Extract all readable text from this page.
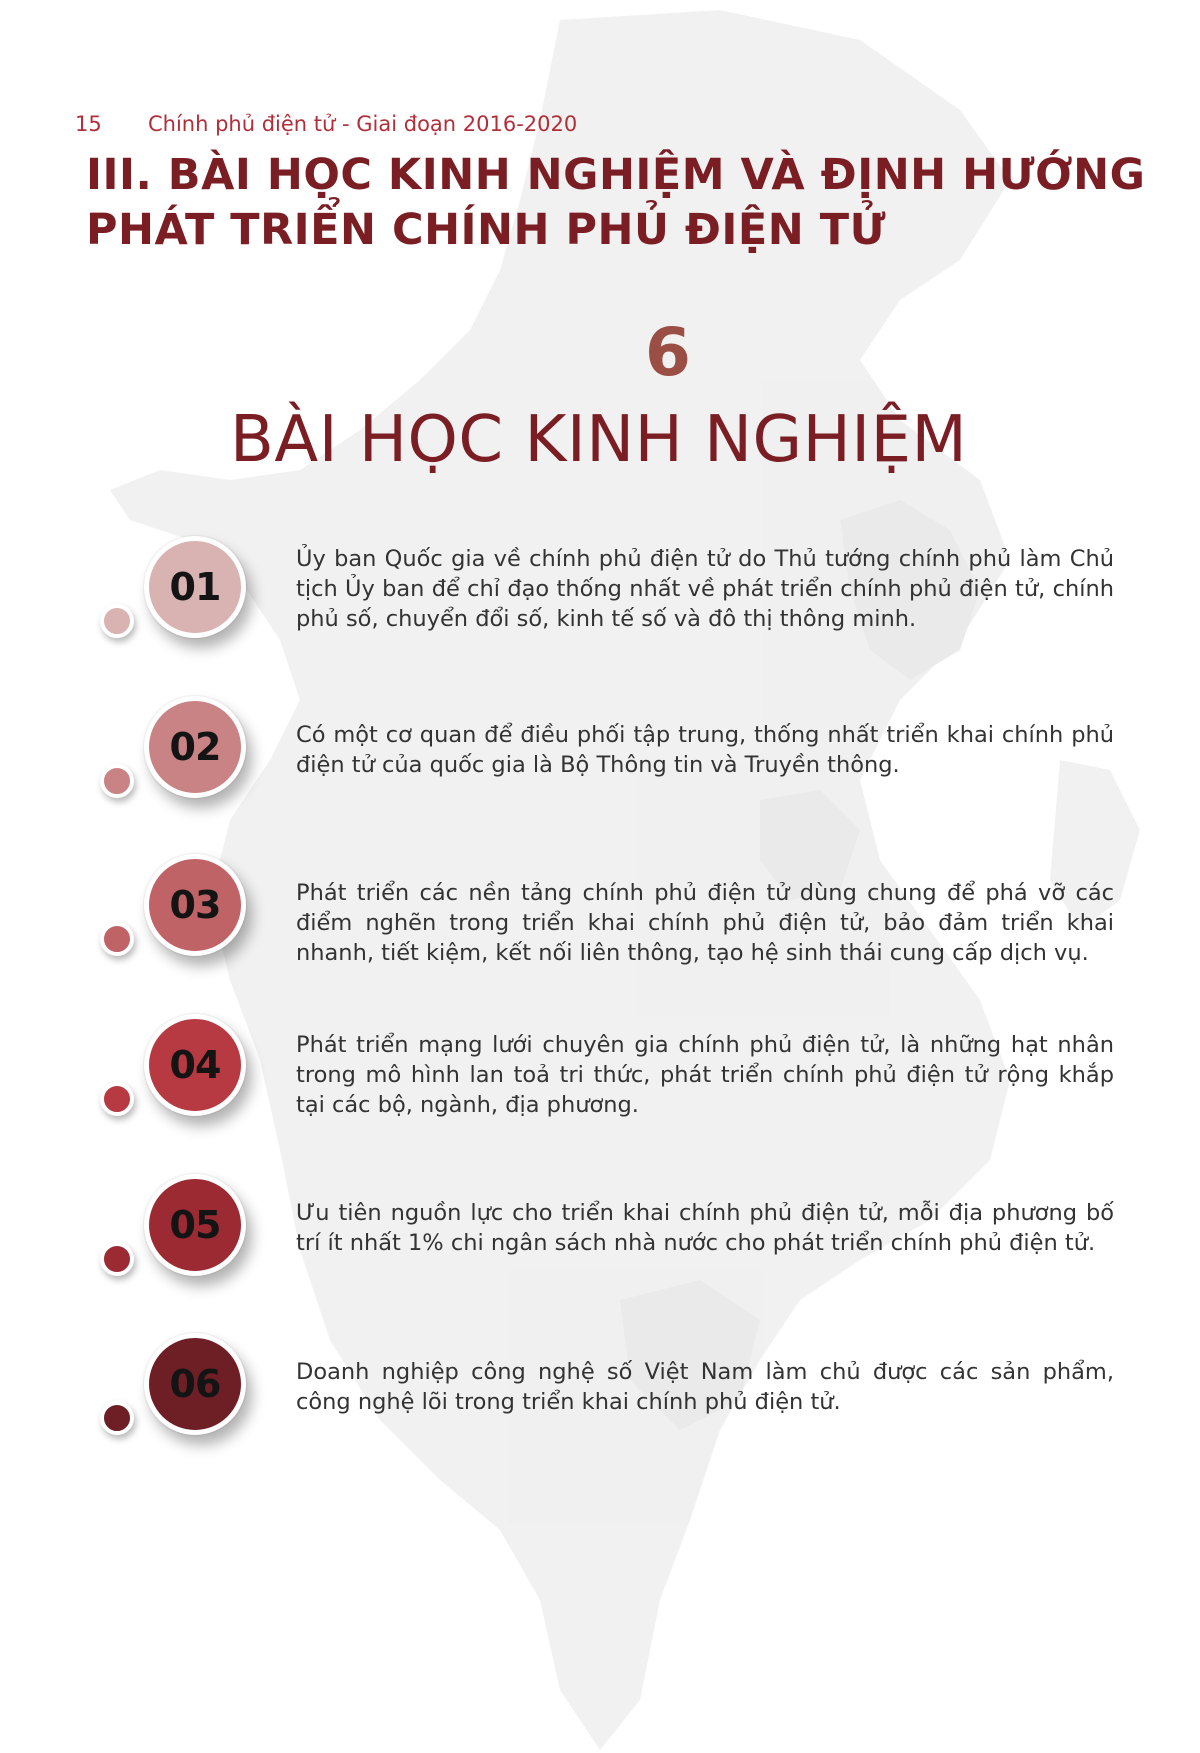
15 Chính phủ điện tử - Giai đoạn 2016-2020
III. BÀI HỌC KINH NGHIỆM VÀ ĐỊNH HƯỚNG PHÁT TRIỂN CHÍNH PHỦ ĐIỆN TỬ
6
BÀI HỌC KINH NGHIỆM
01

Ủy ban Quốc gia về chính phủ điện tử do Thủ tướng chính phủ làm Chủ tịch Ủy ban để chỉ đạo thống nhất về phát triển chính phủ điện tử, chính phủ số, chuyển đổi số, kinh tế số và đô thị thông minh.

02	Có một cơ quan để điều phối tập trung, thống nhất triển khai chính phủ điện tử của quốc gia là Bộ Thông tin và Truyền thông.

03	Phát triển các nền tảng chính phủ điện tử dùng chung để phá vỡ các điểm nghẽn trong triển khai chính phủ điện tử, bảo đảm triển khai nhanh, tiết kiệm, kết nối liên thông, tạo hệ sinh thái cung cấp dịch vụ.

04	Phát triển mạng lưới chuyên gia chính phủ điện tử, là những hạt nhân trong mô hình lan toả tri thức, phát triển chính phủ điện tử rộng khắp tại các bộ, ngành, địa phương.

05	Ưu tiên nguồn lực cho triển khai chính phủ điện tử, mỗi địa phương bố trí ít nhất 1% chi ngân sách nhà nước cho phát triển chính phủ điện tử.

06	Doanh nghiệp công nghệ số Việt Nam làm chủ được các sản phẩm, công nghệ lõi trong triển khai chính phủ điện tử.
